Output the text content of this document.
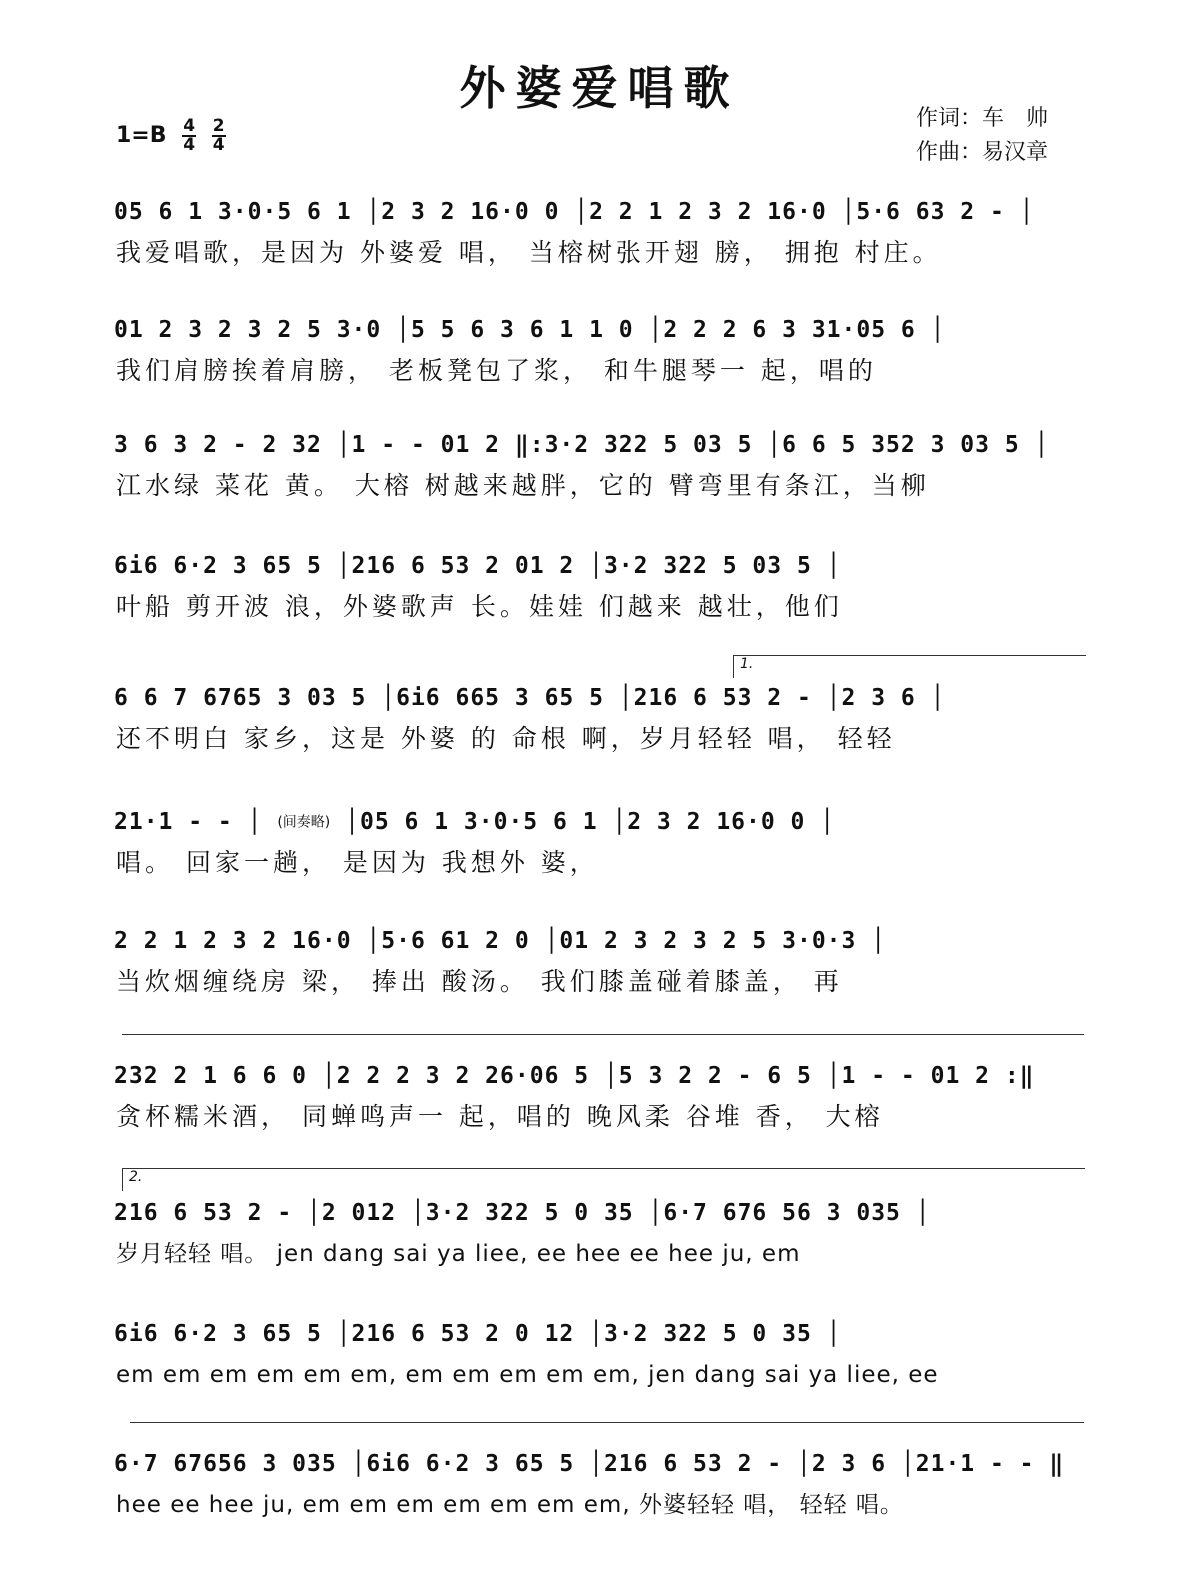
外婆爱唱歌
$1=B \frac{4}{4} \frac{2}{4}$	作词：车　帅
作曲：易汉章
05 6 1 3·0·5 6 1 │2 3 2 16·0 0 │2 2 1 2 3 2 16·0 │5·6 63 2 - │
我爱唱歌，是因为 外婆爱 唱， 当榕树张开翅 膀， 拥抱 村庄。
01 2 3 2 3 2 5 3·0 │5 5 6 3 6 1 1 0 │2 2 2 6 3 31·05 6 │
我们肩膀挨着肩膀， 老板凳包了浆， 和牛腿琴一 起，唱的
3 6 3 2 - 2 32 │1 - - 01 2 ‖:3·2 322 5 03 5 │6 6 5 352 3 03 5 │
江水绿 菜花 黄。 大榕 树越来越胖，它的 臂弯里有条江，当柳
6i6 6·2 3 65 5 │216 6 53 2 01 2 │3·2 322 5 03 5 │
叶船 剪开波 浪，外婆歌声 长。娃娃 们越来 越壮，他们
1.
6 6 7 6765 3 03 5 │6i6 665 3 65 5 │216 6 53 2 - │2 3 6 │
还不明白 家乡，这是 外婆 的 命根 啊，岁月轻轻 唱， 轻轻
21·1 - - │ (间奏略) │05 6 1 3·0·5 6 1 │2 3 2 16·0 0 │
唱。 回家一趟， 是因为 我想外 婆，
2 2 1 2 3 2 16·0 │5·6 61 2 0 │01 2 3 2 3 2 5 3·0·3 │
当炊烟缠绕房 梁， 捧出 酸汤。 我们膝盖碰着膝盖， 再
232 2 1 6 6 0 │2 2 2 3 2 26·06 5 │5 3 2 2 - 6 5 │1 - - 01 2 :‖
贪杯糯米酒， 同蝉鸣声一 起，唱的 晚风柔 谷堆 香， 大榕
2.
216 6 53 2 - │2 012 │3·2 322 5 0 35 │6·7 676 56 3 035 │
岁月轻轻 唱。 jen dang sai ya liee, ee hee ee hee ju, em
6i6 6·2 3 65 5 │216 6 53 2 0 12 │3·2 322 5 0 35 │
em em em em em em, em em em em em, jen dang sai ya liee, ee
6·7 67656 3 035 │6i6 6·2 3 65 5 │216 6 53 2 - │2 3 6 │21·1 - - ‖
hee ee hee ju, em em em em em em em, 外婆轻轻 唱， 轻轻 唱。
